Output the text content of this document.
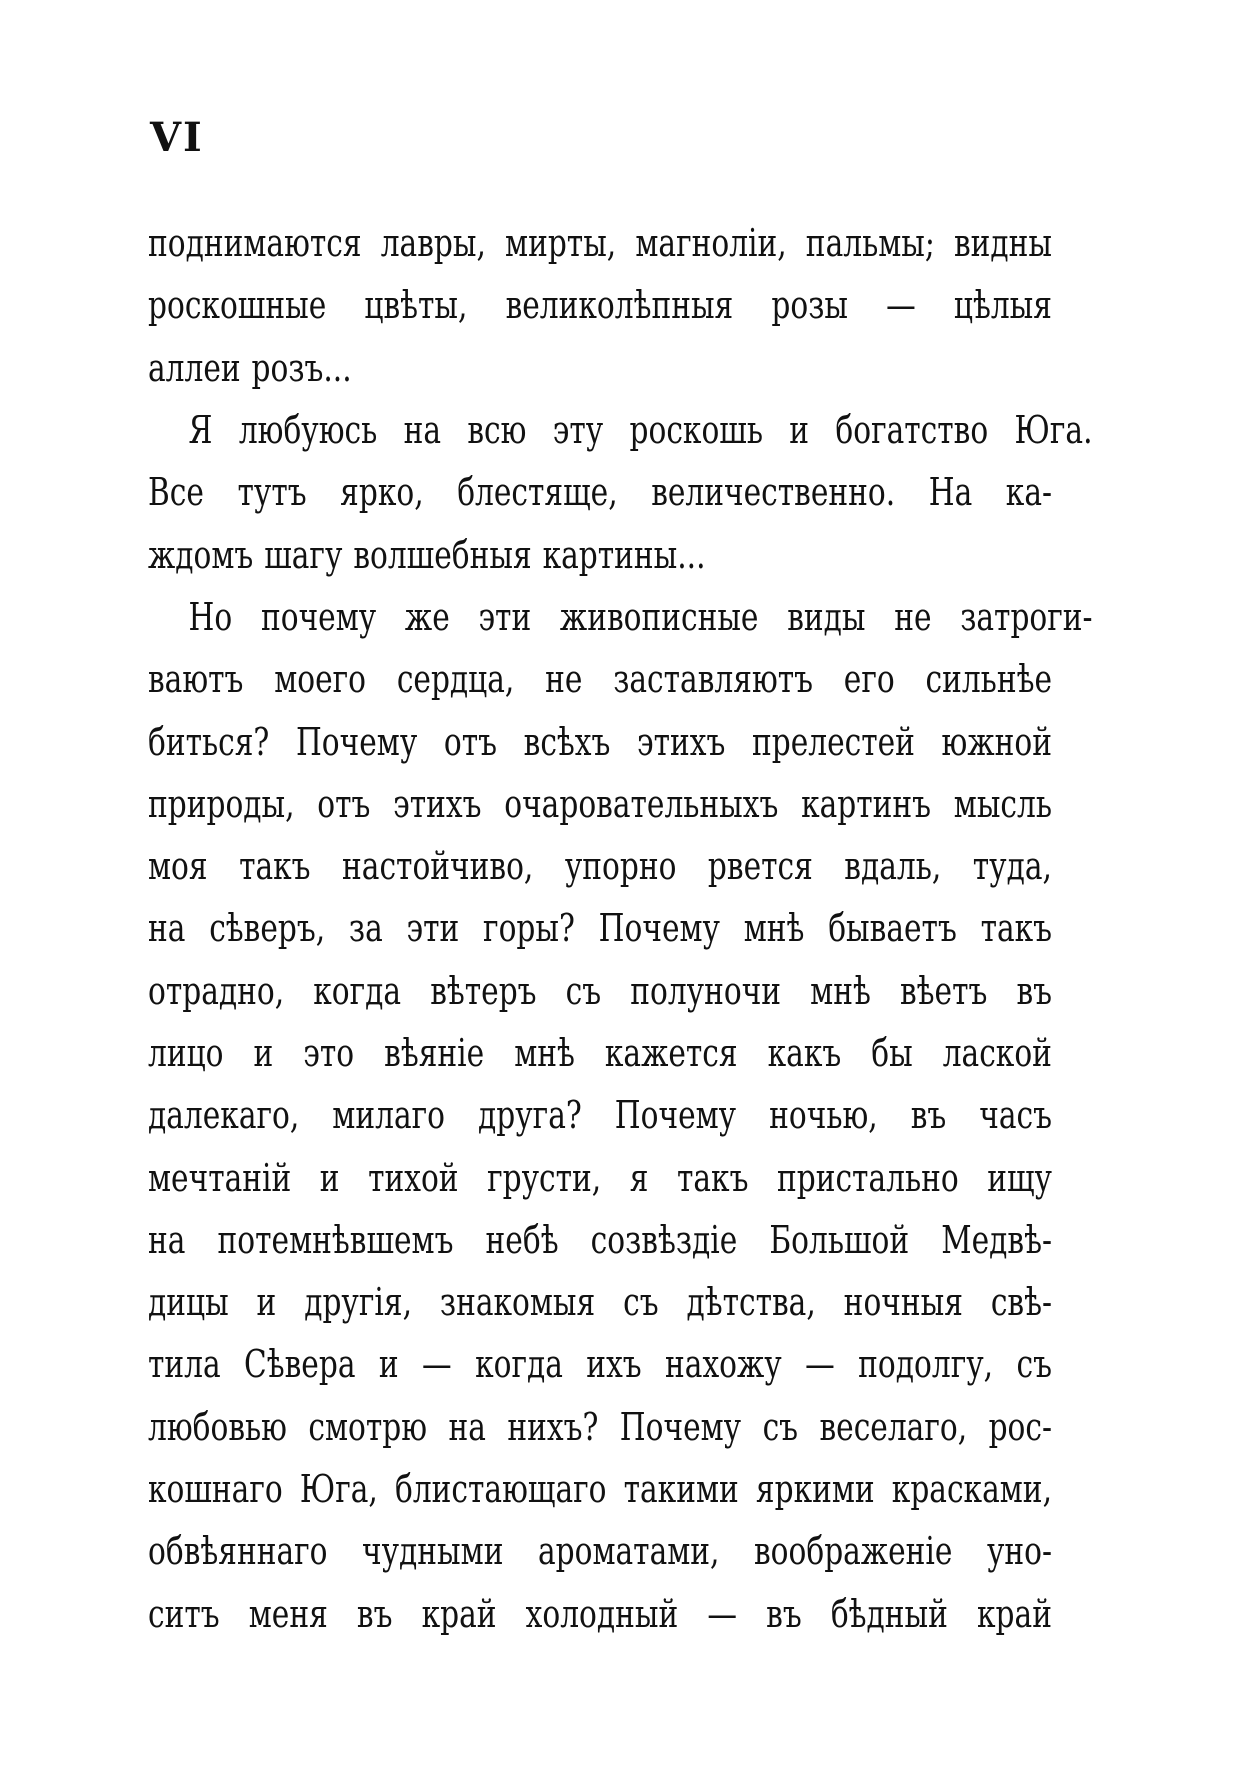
VI
поднимаются лавры, мирты, магноліи, пальмы; видны
роскошные цвѣты, великолѣпныя розы — цѣлыя
аллеи розъ...
Я любуюсь на всю эту роскошь и богатство Юга.
Все тутъ ярко, блестяще, величественно. На ка-
ждомъ шагу волшебныя картины...
Но почему же эти живописные виды не затроги-
ваютъ моего сердца, не заставляютъ его сильнѣе
биться? Почему отъ всѣхъ этихъ прелестей южной
природы, отъ этихъ очаровательныхъ картинъ мысль
моя такъ настойчиво, упорно рвется вдаль, туда,
на сѣверъ, за эти горы? Почему мнѣ бываетъ такъ
отрадно, когда вѣтеръ съ полуночи мнѣ вѣетъ въ
лицо и это вѣяніе мнѣ кажется какъ бы лаской
далекаго, милаго друга? Почему ночью, въ часъ
мечтаній и тихой грусти, я такъ пристально ищу
на потемнѣвшемъ небѣ созвѣздіе Большой Медвѣ-
дицы и другія, знакомыя съ дѣтства, ночныя свѣ-
тила Сѣвера и — когда ихъ нахожу — подолгу, съ
любовью смотрю на нихъ? Почему съ веселаго, рос-
кошнаго Юга, блистающаго такими яркими красками,
обвѣяннаго чудными ароматами, воображеніе уно-
ситъ меня въ край холодный — въ бѣдный край
